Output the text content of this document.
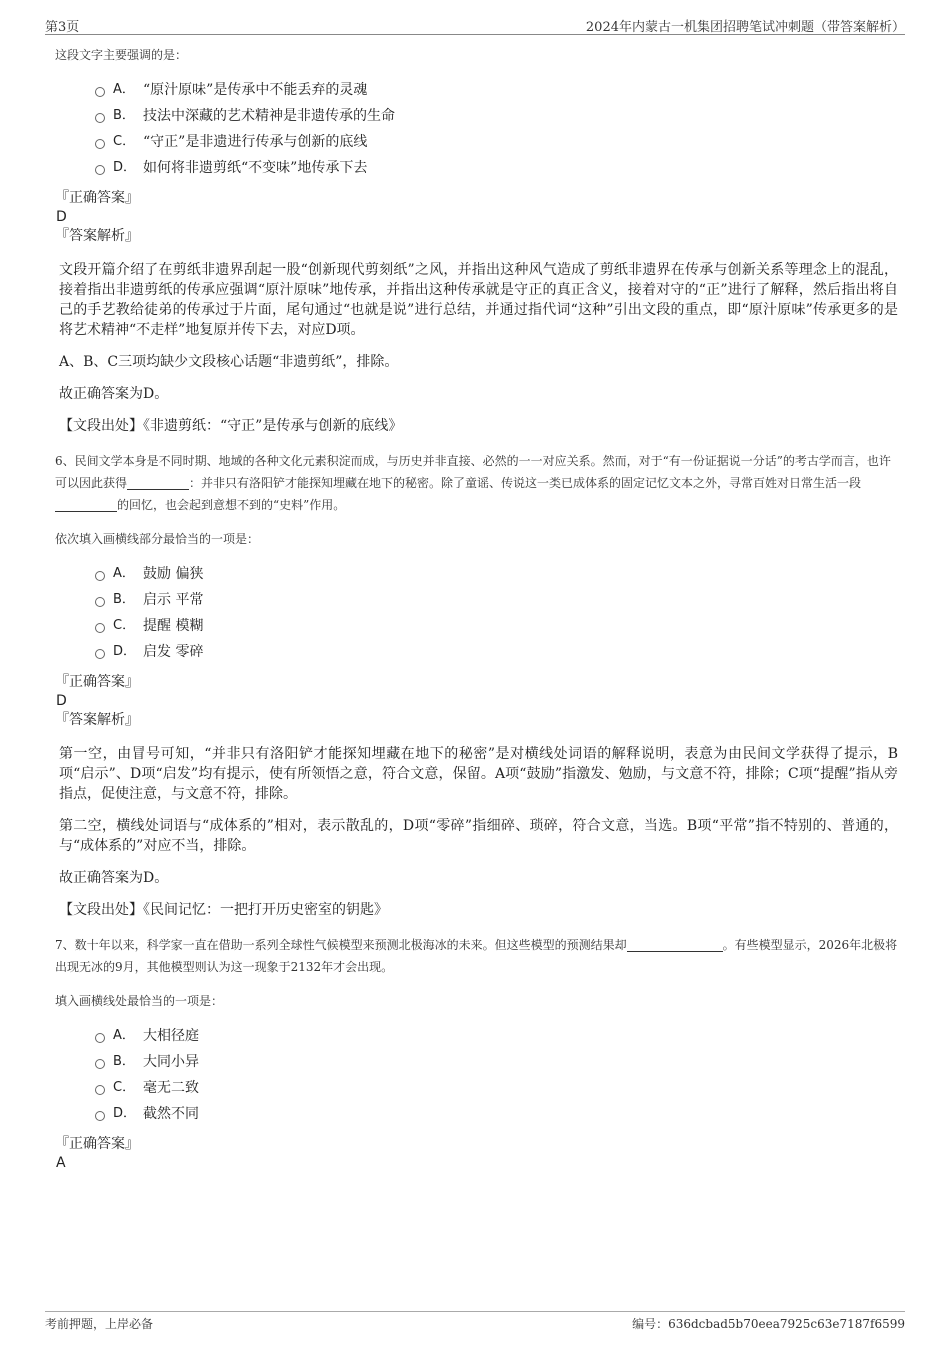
第3页	2024年内蒙古一机集团招聘笔试冲刺题（带答案解析）
这段文字主要强调的是：
A． “原汁原味”是传承中不能丢弃的灵魂
B． 技法中深藏的艺术精神是非遗传承的生命
C． “守正”是非遗进行传承与创新的底线
D． 如何将非遗剪纸“不变味”地传承下去
『正确答案』
D
『答案解析』
文段开篇介绍了在剪纸非遗界刮起一股“创新现代剪刻纸”之风，并指出这种风气造成了剪纸非遗界在传承与创新关系等理念上的混乱，接着指出非遗剪纸的传承应强调“原汁原味”地传承，并指出这种传承就是守正的真正含义，接着对守的“正”进行了解释，然后指出将自己的手艺教给徒弟的传承过于片面，尾句通过“也就是说”进行总结，并通过指代词“这种”引出文段的重点，即“原汁原味”传承更多的是将艺术精神“不走样”地复原并传下去，对应D项。
A、B、C三项均缺少文段核心话题“非遗剪纸”，排除。
故正确答案为D。
【文段出处】《非遗剪纸：“守正”是传承与创新的底线》
6、民间文学本身是不同时期、地域的各种文化元素积淀而成，与历史并非直接、必然的一一对应关系。然而，对于“有一份证据说一分话”的考古学而言，也许可以因此获得	：并非只有洛阳铲才能探知埋藏在地下的秘密。除了童谣、传说这一类已成体系的固定记忆文本之外，寻常百姓对日常生活一段的回忆，也会起到意想不到的“史料”作用。
依次填入画横线部分最恰当的一项是：
A． 鼓励 偏狭
B． 启示 平常
C． 提醒 模糊
D． 启发 零碎
『正确答案』
D
『答案解析』
第一空，由冒号可知，“并非只有洛阳铲才能探知埋藏在地下的秘密”是对横线处词语的解释说明，表意为由民间文学获得了提示，B项“启示”、D项“启发”均有提示，使有所领悟之意，符合文意，保留。A项“鼓励”指激发、勉励，与文意不符，排除；C项“提醒”指从旁指点，促使注意，与文意不符，排除。
第二空，横线处词语与“成体系的”相对，表示散乱的，D项“零碎”指细碎、琐碎，符合文意，当选。B项“平常”指不特别的、普通的，与“成体系的”对应不当，排除。
故正确答案为D。
【文段出处】《民间记忆：一把打开历史密室的钥匙》
7、数十年以来，科学家一直在借助一系列全球性气候模型来预测北极海冰的未来。但这些模型的预测结果却	。有些模型显示，2026年北极将出现无冰的9月，其他模型则认为这一现象于2132年才会出现。
填入画横线处最恰当的一项是：
A． 大相径庭
B． 大同小异
C． 毫无二致
D． 截然不同
『正确答案』
A
考前押题，上岸必备	编号：636dcbad5b70eea7925c63e7187f6599
